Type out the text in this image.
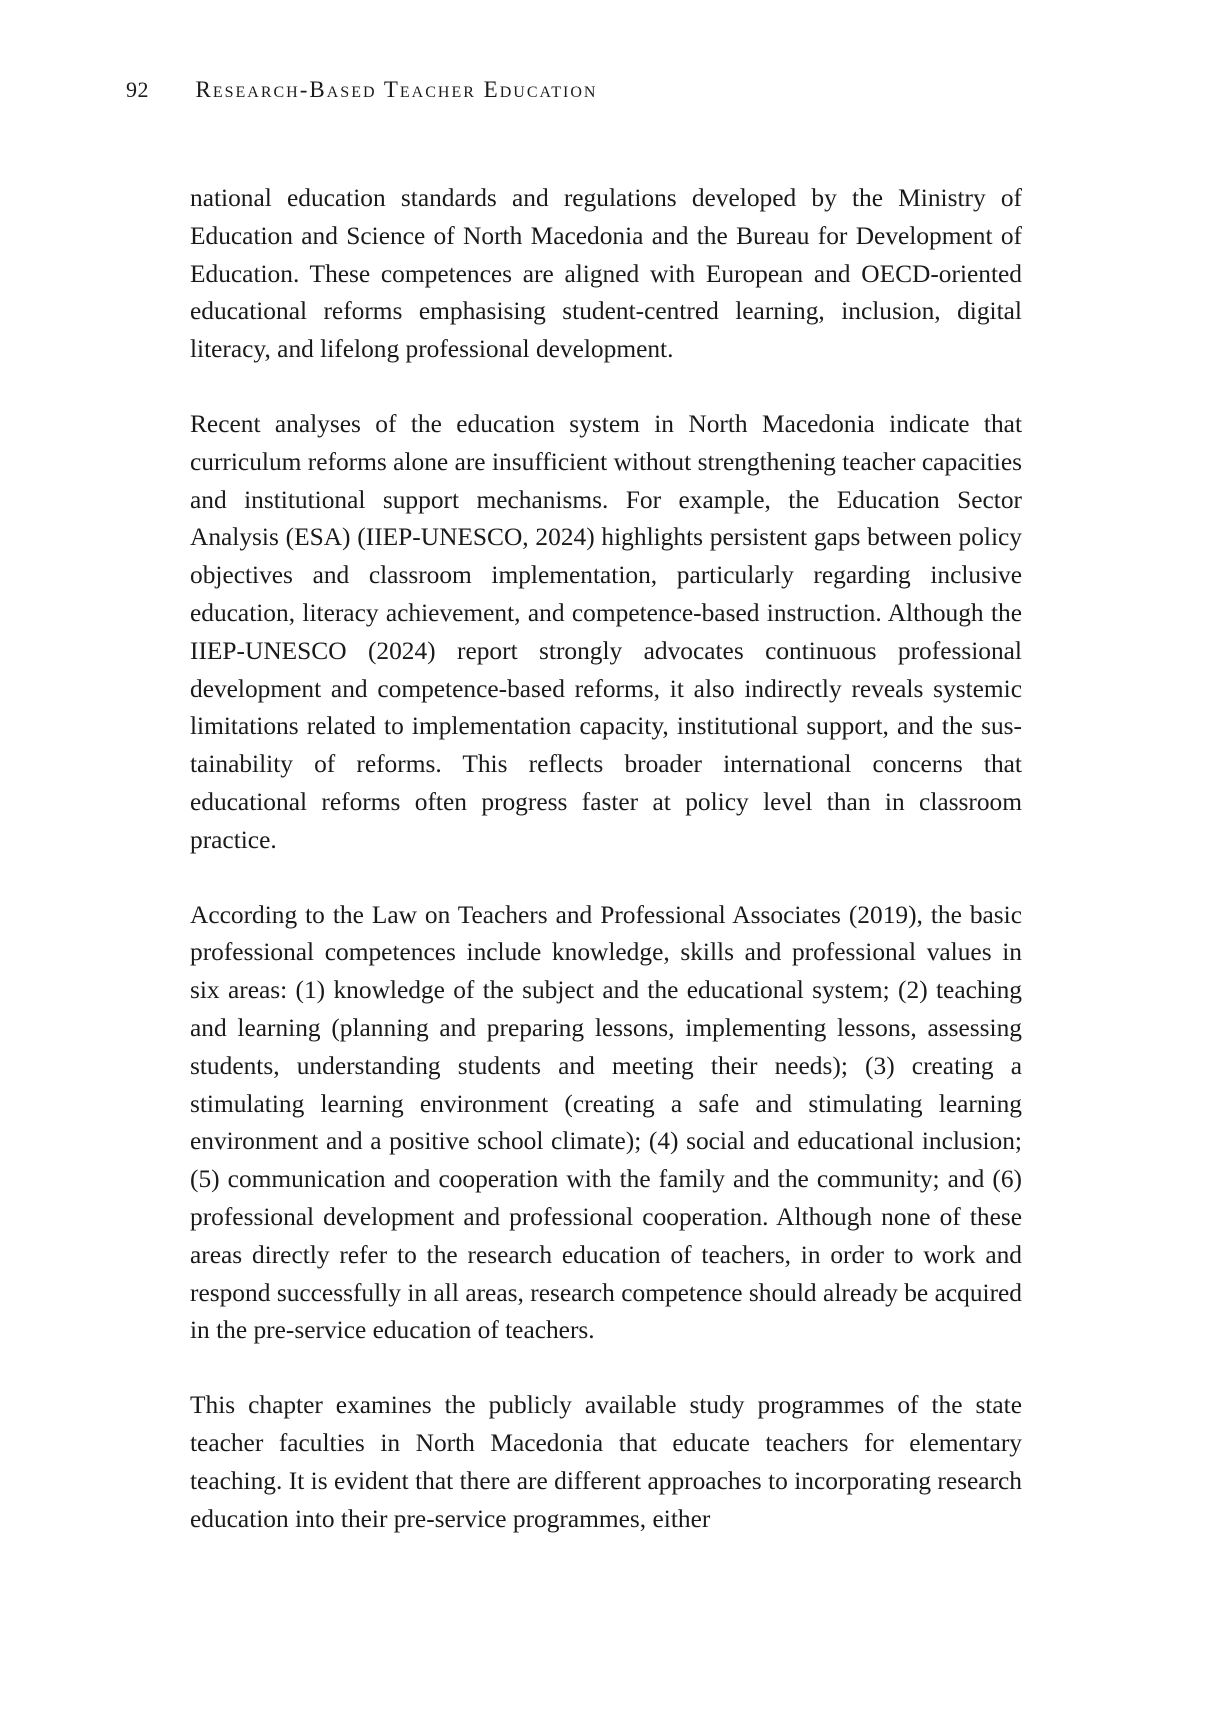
92 Research-Based Teacher Education

national education standards and regulations developed by the Ministry of Education and Science of North Macedonia and the Bureau for Development of Education. These competences are aligned with European and OECD-oriented educational reforms emphasising student-centred learning, inclusion, digital literacy, and lifelong professional development.

Recent analyses of the education system in North Macedonia indicate that curriculum reforms alone are insufficient without strengthening teacher capacities and institutional support mechanisms. For example, the Education Sector Analysis (ESA) (IIEP-UNESCO, 2024) highlights persistent gaps between policy objectives and classroom implementation, particularly regarding inclusive education, literacy achievement, and competence-based instruction. Although the IIEP-UNESCO (2024) report strongly advocates continuous professional development and competence-based reforms, it also indirectly reveals systemic limitations related to implementation capacity, institutional support, and the sustainability of reforms. This reflects broader international concerns that educational reforms often progress faster at policy level than in classroom practice.

According to the Law on Teachers and Professional Associates (2019), the basic professional competences include knowledge, skills and professional values in six areas: (1) knowledge of the subject and the educational system; (2) teaching and learning (planning and preparing lessons, implementing lessons, assessing students, understanding students and meeting their needs); (3) creating a stimulating learning environment (creating a safe and stimulating learning environment and a positive school climate); (4) social and educational inclusion; (5) communication and cooperation with the family and the community; and (6) professional development and professional cooperation. Although none of these areas directly refer to the research education of teachers, in order to work and respond successfully in all areas, research competence should already be acquired in the pre-service education of teachers.

This chapter examines the publicly available study programmes of the state teacher faculties in North Macedonia that educate teachers for elementary teaching. It is evident that there are different approaches to incorporating research education into their pre-service programmes, either
